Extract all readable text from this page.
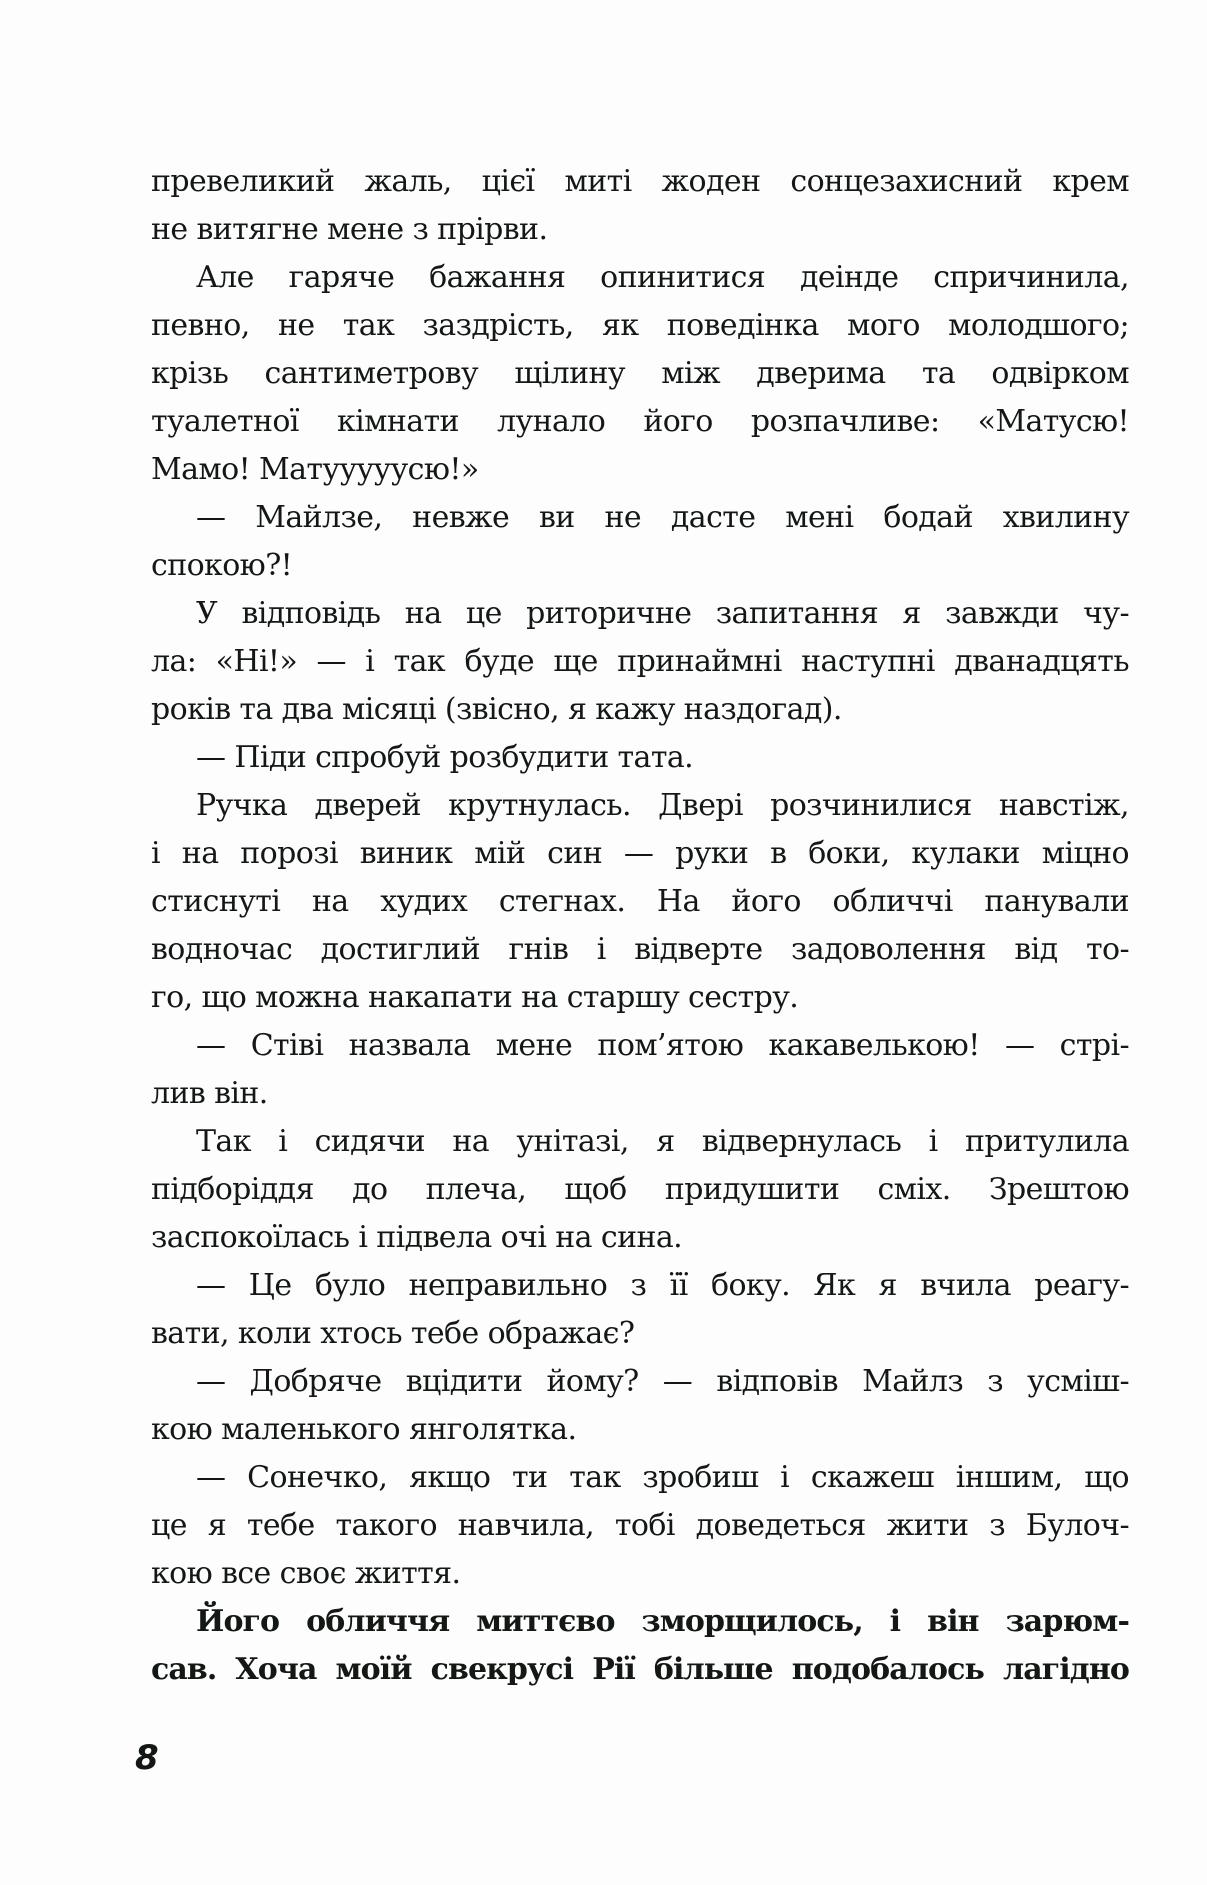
превеликий жаль, цієї миті жоден сонцезахисний крем
не витягне мене з прірви.
Але гаряче бажання опинитися деінде спричинила,
певно, не так заздрість, як поведінка мого молодшого;
крізь сантиметрову щілину між дверима та одвірком
туалетної кімнати лунало його розпачливе: «Матусю!
Мамо! Матууууусю!»
— Майлзе, невже ви не дасте мені бодай хвилину
спокою?!
У відповідь на це риторичне запитання я завжди чу-
ла: «Ні!» — і так буде ще принаймні наступні дванадцять
років та два місяці (звісно, я кажу наздогад).
— Піди спробуй розбудити тата.
Ручка дверей крутнулась. Двері розчинилися навстіж,
і на порозі виник мій син — руки в боки, кулаки міцно
стиснуті на худих стегнах. На його обличчі панували
водночас достиглий гнів і відверте задоволення від то-
го, що можна накапати на старшу сестру.
— Стіві назвала мене пом’ятою какавелькою! — стрі-
лив він.
Так і сидячи на унітазі, я відвернулась і притулила
підборіддя до плеча, щоб придушити сміх. Зрештою
заспокоїлась і підвела очі на сина.
— Це було неправильно з її боку. Як я вчила реагу-
вати, коли хтось тебе ображає?
— Добряче вцідити йому? — відповів Майлз з усміш-
кою маленького янголятка.
— Сонечко, якщо ти так зробиш і скажеш іншим, що
це я тебе такого навчила, тобі доведеться жити з Булоч-
кою все своє життя.
Його обличчя миттєво зморщилось, і він зарюм-
сав. Хоча моїй свекрусі Рії більше подобалось лагідно
8
